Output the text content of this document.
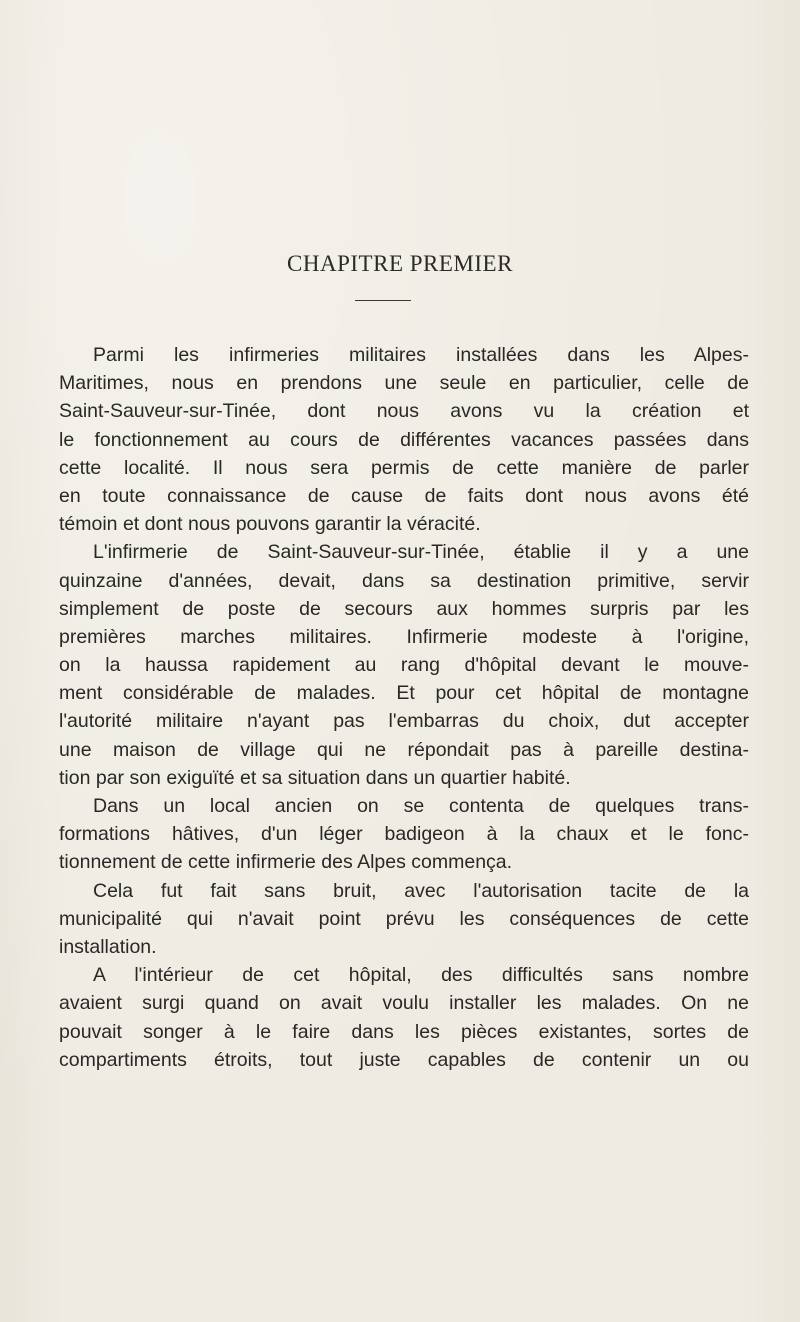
CHAPITRE PREMIER
Parmi les infirmeries militaires installées dans les Alpes-
Maritimes, nous en prendons une seule en particulier, celle de
Saint-Sauveur-sur-Tinée, dont nous avons vu la création et
le fonctionnement au cours de différentes vacances passées dans
cette localité. Il nous sera permis de cette manière de parler
en toute connaissance de cause de faits dont nous avons été
témoin et dont nous pouvons garantir la véracité.
L'infirmerie de Saint-Sauveur-sur-Tinée, établie il y a une
quinzaine d'années, devait, dans sa destination primitive, servir
simplement de poste de secours aux hommes surpris par les
premières marches militaires. Infirmerie modeste à l'origine,
on la haussa rapidement au rang d'hôpital devant le mouve-
ment considérable de malades. Et pour cet hôpital de montagne
l'autorité militaire n'ayant pas l'embarras du choix, dut accepter
une maison de village qui ne répondait pas à pareille destina-
tion par son exiguïté et sa situation dans un quartier habité.
Dans un local ancien on se contenta de quelques trans-
formations hâtives, d'un léger badigeon à la chaux et le fonc-
tionnement de cette infirmerie des Alpes commença.
Cela fut fait sans bruit, avec l'autorisation tacite de la
municipalité qui n'avait point prévu les conséquences de cette
installation.
A l'intérieur de cet hôpital, des difficultés sans nombre
avaient surgi quand on avait voulu installer les malades. On ne
pouvait songer à le faire dans les pièces existantes, sortes de
compartiments étroits, tout juste capables de contenir un ou
